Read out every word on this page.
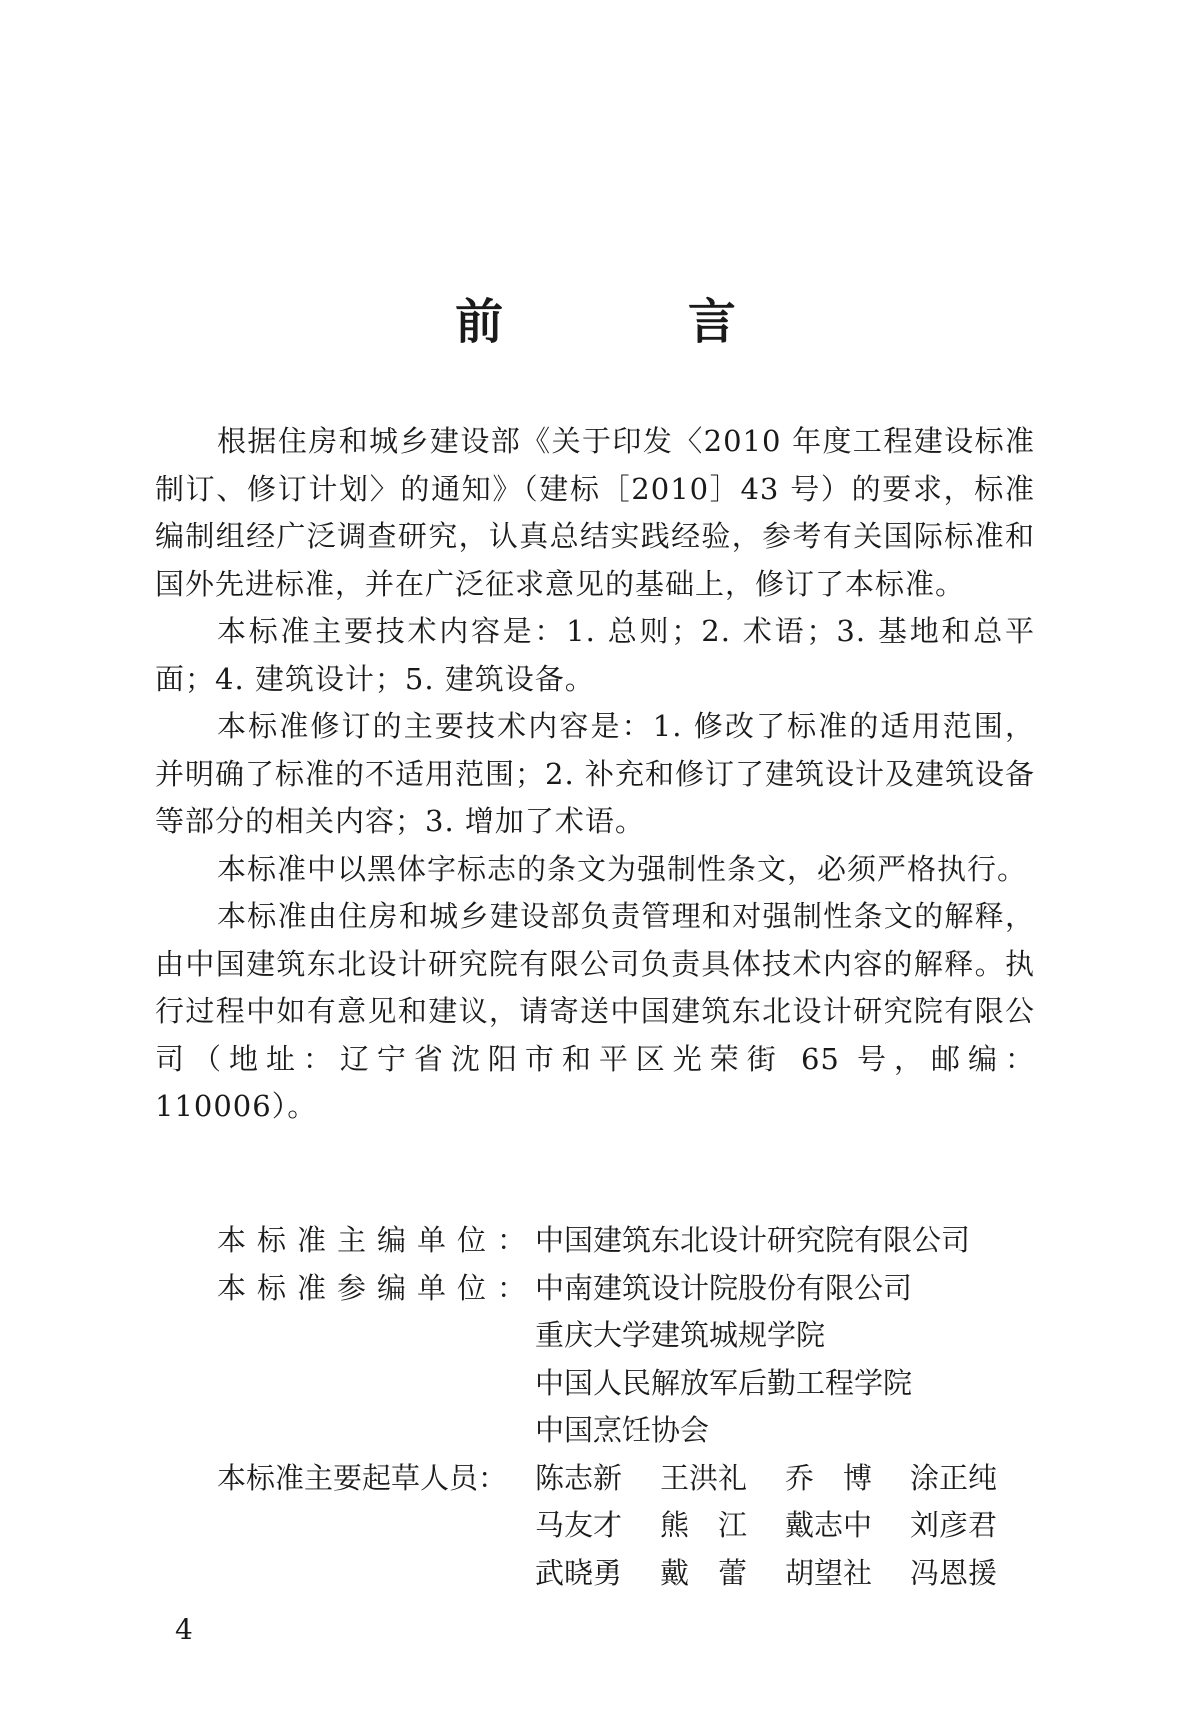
前 言

根据住房和城乡建设部《关于印发〈2010 年度工程建设标准制订、修订计划〉的通知》（建标［2010］43 号）的要求，标准编制组经广泛调查研究，认真总结实践经验，参考有关国际标准和国外先进标准，并在广泛征求意见的基础上，修订了本标准。

本标准主要技术内容是：1. 总则；2. 术语；3. 基地和总平面；4. 建筑设计；5. 建筑设备。

本标准修订的主要技术内容是：1. 修改了标准的适用范围，并明确了标准的不适用范围；2. 补充和修订了建筑设计及建筑设备等部分的相关内容；3. 增加了术语。

本标准中以黑体字标志的条文为强制性条文，必须严格执行。

本标准由住房和城乡建设部负责管理和对强制性条文的解释，由中国建筑东北设计研究院有限公司负责具体技术内容的解释。执行过程中如有意见和建议，请寄送中国建筑东北设计研究院有限公司（地址：辽宁省沈阳市和平区光荣街 65 号，邮编：110006）。

本标准主编单位：
中国建筑东北设计研究院有限公司
本标准参编单位：
中南建筑设计院股份有限公司
重庆大学建筑城规学院
中国人民解放军后勤工程学院
中国烹饪协会
本标准主要起草人员： 陈志新	王洪礼	乔　博	涂正纯
马友才	熊　江	戴志中	刘彦君
武晓勇	戴　蕾	胡望社	冯恩援
4
